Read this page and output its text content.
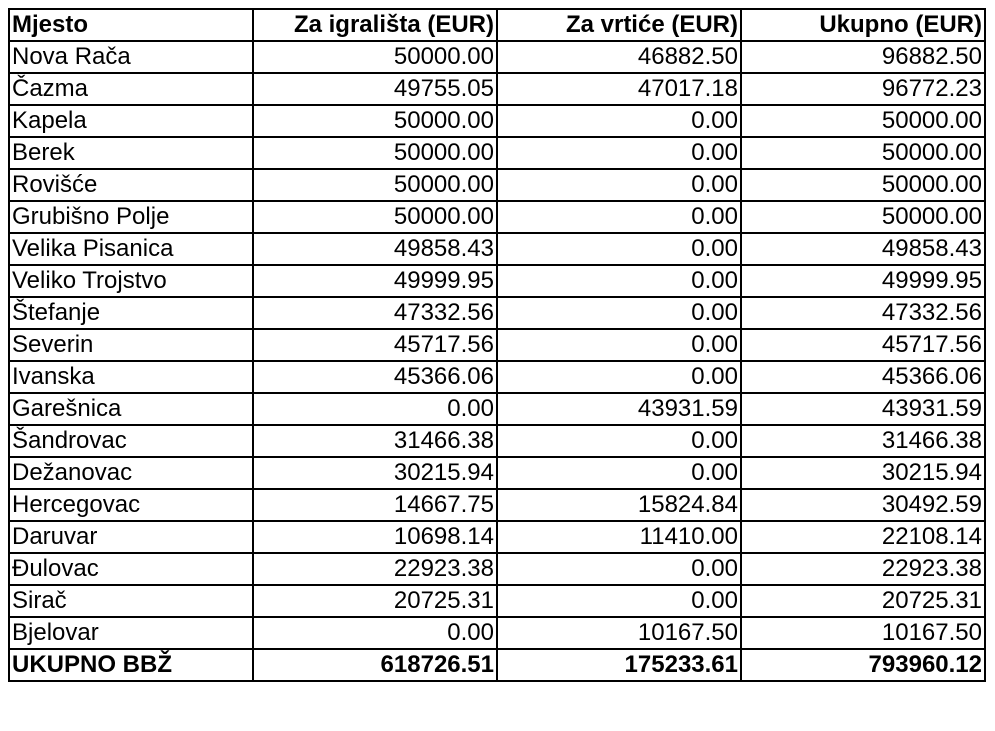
Mjesto	Za igrališta (EUR)	Za vrtiće (EUR)	Ukupno (EUR)
Nova Rača	50000.00	46882.50	96882.50
Čazma	49755.05	47017.18	96772.23
Kapela	50000.00	0.00	50000.00
Berek	50000.00	0.00	50000.00
Rovišće	50000.00	0.00	50000.00
Grubišno Polje	50000.00	0.00	50000.00
Velika Pisanica	49858.43	0.00	49858.43
Veliko Trojstvo	49999.95	0.00	49999.95
Štefanje	47332.56	0.00	47332.56
Severin	45717.56	0.00	45717.56
Ivanska	45366.06	0.00	45366.06
Garešnica	0.00	43931.59	43931.59
Šandrovac	31466.38	0.00	31466.38
Dežanovac	30215.94	0.00	30215.94
Hercegovac	14667.75	15824.84	30492.59
Daruvar	10698.14	11410.00	22108.14
Đulovac	22923.38	0.00	22923.38
Sirač	20725.31	0.00	20725.31
Bjelovar	0.00	10167.50	10167.50
UKUPNO BBŽ	618726.51	175233.61	793960.12
